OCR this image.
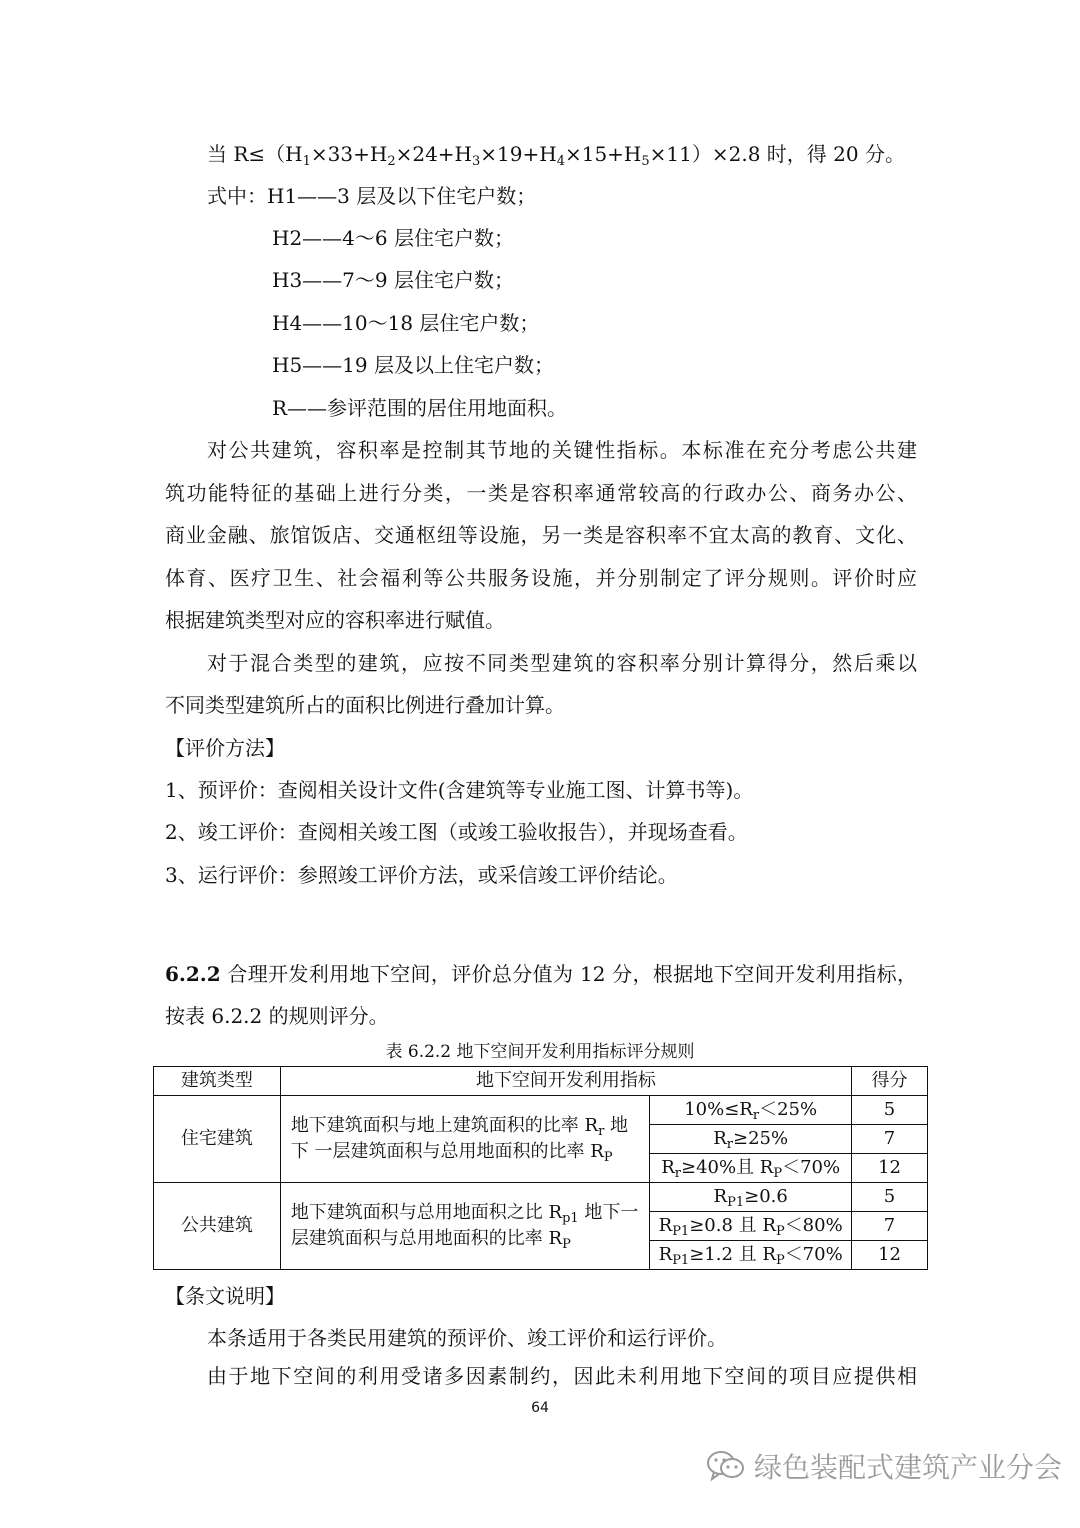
当 $R\le(H_1\times 33+H_2\times 24+H_3\times 19+H_4\times 15+H_5\times 11)\times 2.8$ 时，得 20 分。
式中：H1——3 层及以下住宅户数；
H2——4～6 层住宅户数；
H3——7～9 层住宅户数；
H4——10～18 层住宅户数；
H5——19 层及以上住宅户数；
R——参评范围的居住用地面积。
对公共建筑，容积率是控制其节地的关键性指标。本标准在充分考虑公共建
筑功能特征的基础上进行分类，一类是容积率通常较高的行政办公、商务办公、
商业金融、旅馆饭店、交通枢纽等设施，另一类是容积率不宜太高的教育、文化、
体育、医疗卫生、社会福利等公共服务设施，并分别制定了评分规则。评价时应
根据建筑类型对应的容积率进行赋值。
对于混合类型的建筑，应按不同类型建筑的容积率分别计算得分，然后乘以
不同类型建筑所占的面积比例进行叠加计算。
【评价方法】
1、预评价：查阅相关设计文件(含建筑等专业施工图、计算书等)。
2、竣工评价：查阅相关竣工图（或竣工验收报告），并现场查看。
3、运行评价：参照竣工评价方法，或采信竣工评价结论。
6.2.2 合理开发利用地下空间，评价总分值为 12 分，根据地下空间开发利用指标，
按表 6.2.2 的规则评分。
表 6.2.2 地下空间开发利用指标评分规则
建筑类型	地下空间开发利用指标		得分
住宅建筑	地下建筑面积与地上建筑面积的比率 $R_r$ 地
下 一层建筑面积与总用地面积的比率 $R_P$	$10\%\le R_r<25\%$	5
		$R_r\ge 25\%$	7
		$R_r\ge 40\%$且 $R_P<70\%$	12
公共建筑	地下建筑面积与总用地面积之比 $R_{p1}$ 地下一
层建筑面积与总用地面积的比率 $R_P$	$R_{P1}\ge 0.6$	5
		$R_{P1}\ge 0.8$ 且 $R_P<80\%$	7
		$R_{P1}\ge 1.2$ 且 $R_P<70\%$	12
【条文说明】
本条适用于各类民用建筑的预评价、竣工评价和运行评价。
由于地下空间的利用受诸多因素制约，因此未利用地下空间的项目应提供相
64
绿色装配式建筑产业分会
